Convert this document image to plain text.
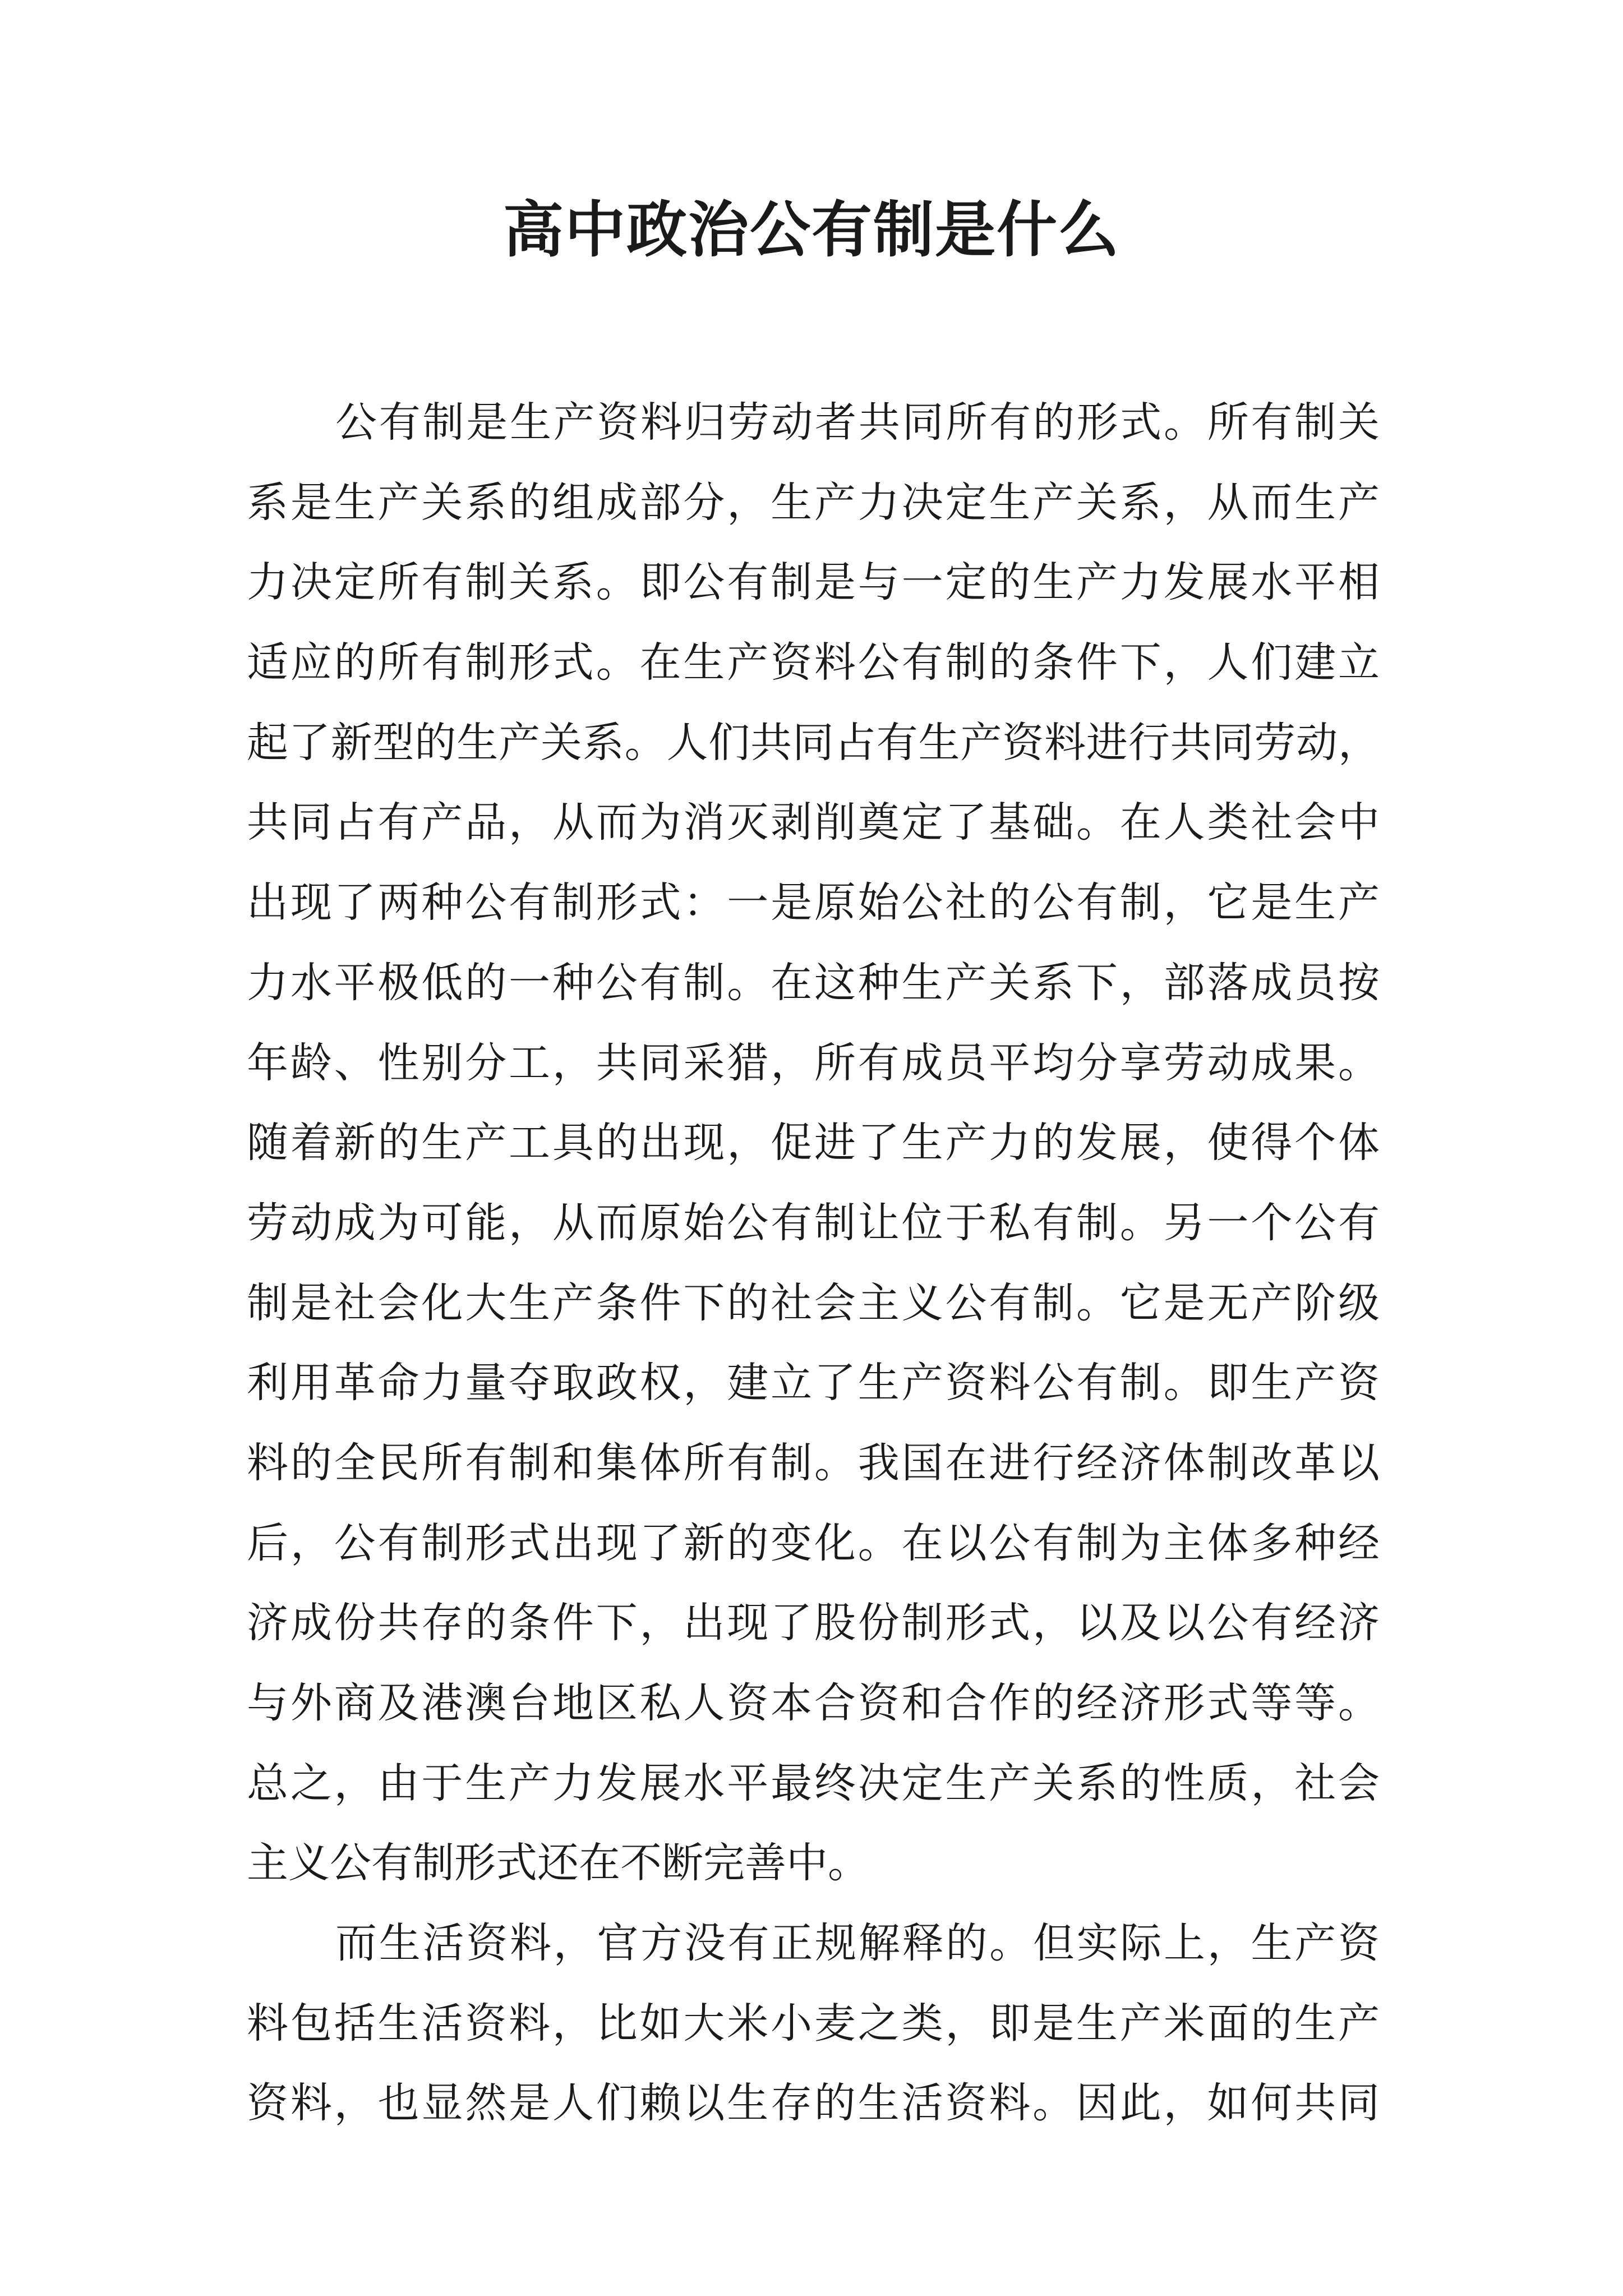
高中政治公有制是什么
公有制是生产资料归劳动者共同所有的形式。所有制关
系是生产关系的组成部分，生产力决定生产关系，从而生产
力决定所有制关系。即公有制是与一定的生产力发展水平相
适应的所有制形式。在生产资料公有制的条件下，人们建立
起了新型的生产关系。人们共同占有生产资料进行共同劳动，
共同占有产品，从而为消灭剥削奠定了基础。在人类社会中
出现了两种公有制形式：一是原始公社的公有制，它是生产
力水平极低的一种公有制。在这种生产关系下，部落成员按
年龄、性别分工，共同采猎，所有成员平均分享劳动成果。
随着新的生产工具的出现，促进了生产力的发展，使得个体
劳动成为可能，从而原始公有制让位于私有制。另一个公有
制是社会化大生产条件下的社会主义公有制。它是无产阶级
利用革命力量夺取政权，建立了生产资料公有制。即生产资
料的全民所有制和集体所有制。我国在进行经济体制改革以
后，公有制形式出现了新的变化。在以公有制为主体多种经
济成份共存的条件下，出现了股份制形式，以及以公有经济
与外商及港澳台地区私人资本合资和合作的经济形式等等。
总之，由于生产力发展水平最终决定生产关系的性质，社会
主义公有制形式还在不断完善中。
而生活资料，官方没有正规解释的。但实际上，生产资
料包括生活资料，比如大米小麦之类，即是生产米面的生产
资料，也显然是人们赖以生存的生活资料。因此，如何共同
